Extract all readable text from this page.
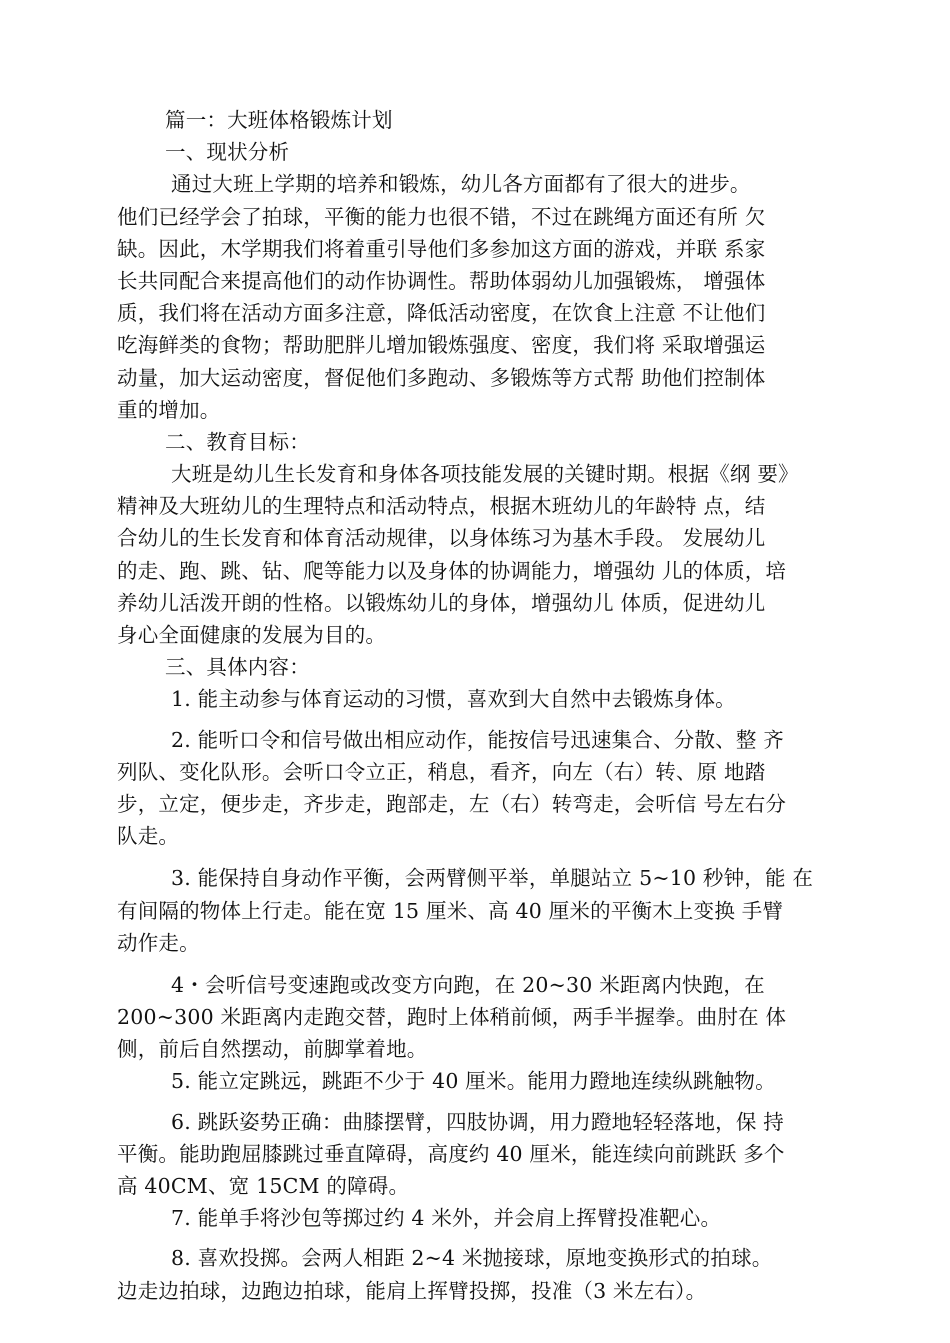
篇一：大班体格锻炼计划
一、现状分析
通过大班上学期的培养和锻炼，幼儿各方面都有了很大的进步。
他们已经学会了拍球，平衡的能力也很不错，不过在跳绳方面还有所 欠
缺。因此，木学期我们将着重引导他们多参加这方面的游戏，并联 系家
长共同配合来提高他们的动作协调性。帮助体弱幼儿加强锻炼， 增强体
质，我们将在活动方面多注意，降低活动密度，在饮食上注意 不让他们
吃海鲜类的食物；帮助肥胖儿增加锻炼强度、密度，我们将 采取增强运
动量，加大运动密度，督促他们多跑动、多锻炼等方式帮 助他们控制体
重的增加。
二、教育目标：
大班是幼儿生长发育和身体各项技能发展的关键时期。根据《纲 要》
精神及大班幼儿的生理特点和活动特点，根据木班幼儿的年龄特 点，结
合幼儿的生长发育和体育活动规律，以身体练习为基木手段。 发展幼儿
的走、跑、跳、钻、爬等能力以及身体的协调能力，增强幼 儿的体质，培
养幼儿活泼开朗的性格。以锻炼幼儿的身体，增强幼儿 体质，促进幼儿
身心全面健康的发展为目的。
三、具体内容：
1. 能主动参与体育运动的习惯，喜欢到大自然中去锻炼身体。
2. 能听口令和信号做出相应动作，能按信号迅速集合、分散、整 齐
列队、变化队形。会听口令立正，稍息，看齐，向左（右）转、原 地踏
步，立定，便步走，齐步走，跑部走，左（右）转弯走，会听信 号左右分
队走。
3. 能保持自身动作平衡，会两臂侧平举，单腿站立 5~10 秒钟，能 在
有间隔的物体上行走。能在宽 15 厘米、高 40 厘米的平衡木上变换 手臂
动作走。
4・会听信号变速跑或改变方向跑，在 20~30 米距离内快跑，在
200~300 米距离内走跑交替，跑时上体稍前倾，两手半握拳。曲肘在 体
侧，前后自然摆动，前脚掌着地。
5. 能立定跳远，跳距不少于 40 厘米。能用力蹬地连续纵跳触物。
6. 跳跃姿势正确：曲膝摆臂，四肢协调，用力蹬地轻轻落地，保 持
平衡。能助跑屈膝跳过垂直障碍，高度约 40 厘米，能连续向前跳跃 多个
高 40CM、宽 15CM 的障碍。
7. 能单手将沙包等掷过约 4 米外，并会肩上挥臂投准靶心。
8. 喜欢投掷。会两人相距 2~4 米抛接球，原地变换形式的拍球。
边走边拍球，边跑边拍球，能肩上挥臂投掷，投准（3 米左右）。
